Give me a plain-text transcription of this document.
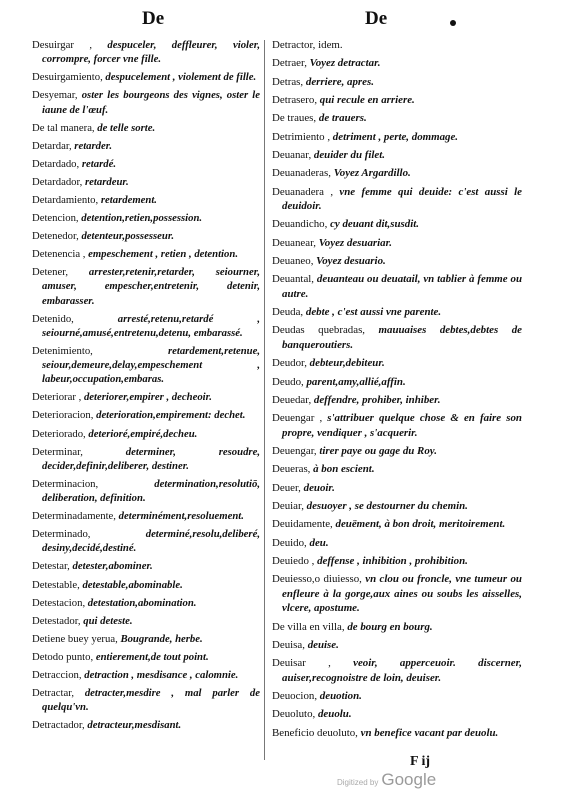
De	De
Desuirgar , despuceler, deffleurer, violer, corrompre, forcer vne fille.
Desuirgamiento, despucelement , violement de fille.
Desyemar, oster les bourgeons des vignes, oster le iaune de l'œuf.
De tal manera, de telle sorte.
Detardar, retarder.
Detardado, retardé.
Detardador, retardeur.
Detardamiento, retardement.
Detencion, detention,retien,possession.
Detenedor, detenteur,possesseur.
Detenencia , empeschement , retien , detention.
Detener, arrester,retenir,retarder, seiourner, amuser, empescher,entretenir, detenir, embarasser.
Detenido, arresté,retenu,retardé , seiourné,amusé,entretenu,detenu, embarassé.
Detenimiento, retardement,retenue, seiour,demeure,delay,empeschement , labeur,occupation,embaras.
Deteriorar , deteriorer,empirer , decheoir.
Deterioracion, deterioration,empirement: dechet.
Deteriorado, deterioré,empiré,decheu.
Determinar, determiner, resoudre, decider,definir,deliberer, destiner.
Determinacion, determination,resolutiō, deliberation, definition.
Determinadamente, determinément,resoluement.
Determinado, determiné,resolu,deliberé, desiny,decidé,destiné.
Detestar, detester,abominer.
Detestable, detestable,abominable.
Detestacion, detestation,abomination.
Detestador, qui deteste.
Detiene buey yerua, Bougrande, herbe.
Detodo punto, entierement,de tout point.
Detraccion, detraction , mesdisance , calomnie.
Detractar, detracter,mesdire , mal parler de quelqu'vn.
Detractador, detracteur,mesdisant.
Detractor, idem.
Detraer, Voyez detractar.
Detras, derriere, apres.
Detrasero, qui recule en arriere.
De traues, de trauers.
Detrimiento , detriment , perte, dommage.
Deuanar, deuider du filet.
Deuanaderas, Voyez Argardillo.
Deuanadera , vne femme qui deuide: c'est aussi le deuidoir.
Deuandicho, cy deuant dit,susdit.
Deuanear, Voyez desuariar.
Deuaneo, Voyez desuario.
Deuantal, deuanteau ou deuatail, vn tablier à femme ou autre.
Deuda, debte , c'est aussi vne parente.
Deudas quebradas, mauuaises debtes,debtes de banqueroutiers.
Deudor, debteur,debiteur.
Deudo, parent,amy,allié,affin.
Deuedar, deffendre, prohiber, inhiber.
Deuengar , s'attribuer quelque chose & en faire son propre, vendiquer , s'acquerir.
Deuengar, tirer paye ou gage du Roy.
Deueras, à bon escient.
Deuer, deuoir.
Deuiar, desuoyer , se destourner du chemin.
Deuidamente, deuëment, à bon droit, meritoirement.
Deuido, deu.
Deuiedo , deffense , inhibition , prohibition.
Deuiesso,o diuiesso, vn clou ou froncle, vne tumeur ou enfleure à la gorge,aux aines ou soubs les aisselles, vlcere, apostume.
De villa en villa, de bourg en bourg.
Deuisa, deuise.
Deuisar , veoir, apperceuoir. discerner, auiser,recognoistre de loin, deuiser.
Deuocion, deuotion.
Deuoluto, deuolu.
Beneficio deuoluto, vn benefice vacant par deuolu.
F ij
Digitized by Google
